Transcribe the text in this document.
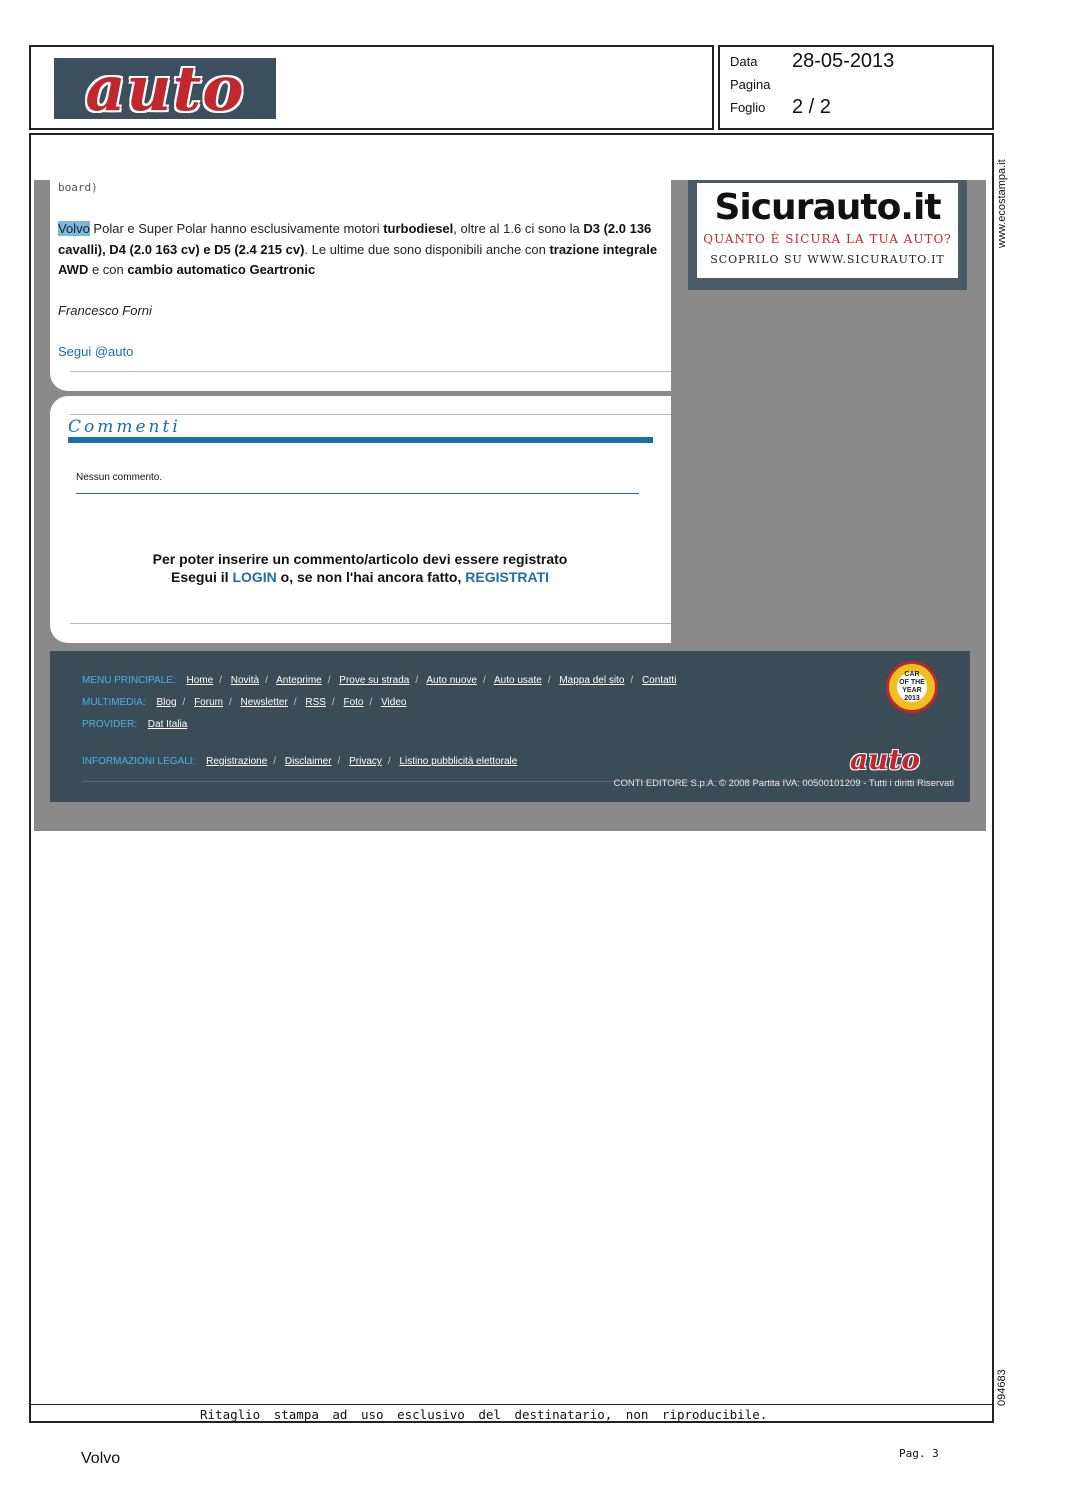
auto	Data 28-05-2013
Pagina
Foglio 2 / 2
www.ecostampa.it
094683
board)
Volvo Polar e Super Polar hanno esclusivamente motori turbodiesel, oltre al 1.6 ci sono la D3 (2.0 136 cavalli), D4 (2.0 163 cv) e D5 (2.4 215 cv). Le ultime due sono disponibili anche con trazione integrale AWD e con cambio automatico Geartronic
Francesco Forni
Segui @auto
Commenti
Nessun commento.
Per poter inserire un commento/articolo devi essere registrato
Esegui il LOGIN o, se non l'hai ancora fatto, REGISTRATI
Sicurauto.it
QUANTO È SICURA LA TUA AUTO?
SCOPRILO SU WWW.SICURAUTO.IT
MENU PRINCIPALE: Home / Novità / Anteprime / Prove su strada / Auto nuove / Auto usate / Mappa del sito / Contatti
MULTIMEDIA: Blog / Forum / Newsletter / RSS / Foto / Video
PROVIDER: Dat Italia
INFORMAZIONI LEGALI: Registrazione / Disclaimer / Privacy / Listino pubblicità elettorale
CAR
OF THE
YEAR
2013
auto
CONTI EDITORE S.p.A. © 2008 Partita IVA: 00500101209 - Tutti i diritti Riservati
Ritaglio stampa ad uso esclusivo del destinatario, non riproducibile.
Volvo	Pag. 3
